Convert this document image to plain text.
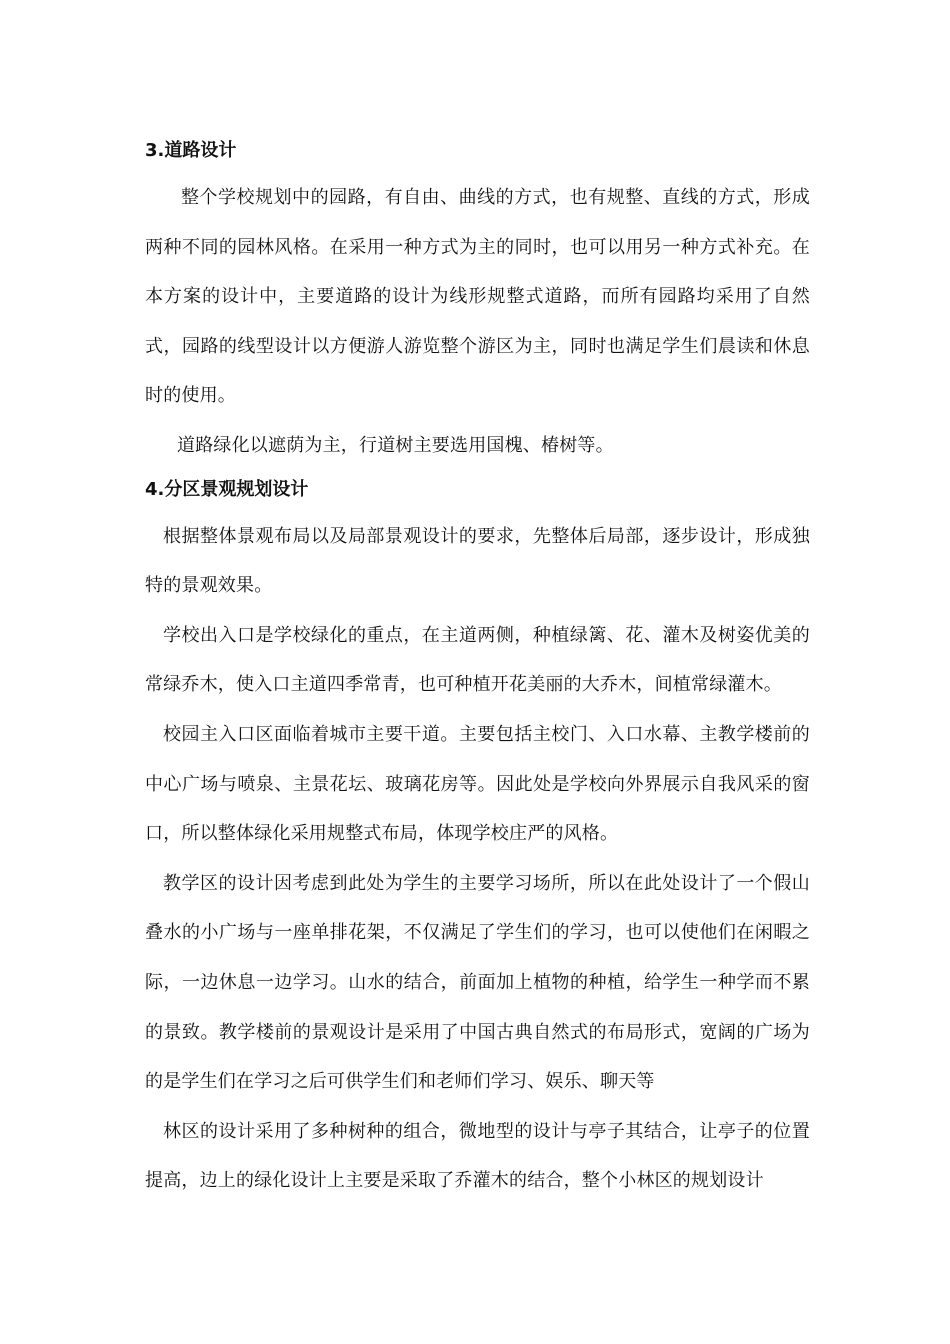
3.道路设计

整个学校规划中的园路，有自由、曲线的方式，也有规整、直线的方式，形成两种不同的园林风格。在采用一种方式为主的同时，也可以用另一种方式补充。在本方案的设计中，主要道路的设计为线形规整式道路，而所有园路均采用了自然式，园路的线型设计以方便游人游览整个游区为主，同时也满足学生们晨读和休息时的使用。

道路绿化以遮荫为主，行道树主要选用国槐、椿树等。

4.分区景观规划设计

根据整体景观布局以及局部景观设计的要求，先整体后局部，逐步设计，形成独特的景观效果。

学校出入口是学校绿化的重点，在主道两侧，种植绿篱、花、灌木及树姿优美的常绿乔木，使入口主道四季常青，也可种植开花美丽的大乔木，间植常绿灌木。

校园主入口区面临着城市主要干道。主要包括主校门、入口水幕、主教学楼前的中心广场与喷泉、主景花坛、玻璃花房等。因此处是学校向外界展示自我风采的窗口，所以整体绿化采用规整式布局，体现学校庄严的风格。

教学区的设计因考虑到此处为学生的主要学习场所，所以在此处设计了一个假山叠水的小广场与一座单排花架，不仅满足了学生们的学习，也可以使他们在闲暇之际，一边休息一边学习。山水的结合，前面加上植物的种植，给学生一种学而不累的景致。教学楼前的景观设计是采用了中国古典自然式的布局形式，宽阔的广场为的是学生们在学习之后可供学生们和老师们学习、娱乐、聊天等

林区的设计采用了多种树种的组合，微地型的设计与亭子其结合，让亭子的位置提高，边上的绿化设计上主要是采取了乔灌木的结合，整个小林区的规划设计
